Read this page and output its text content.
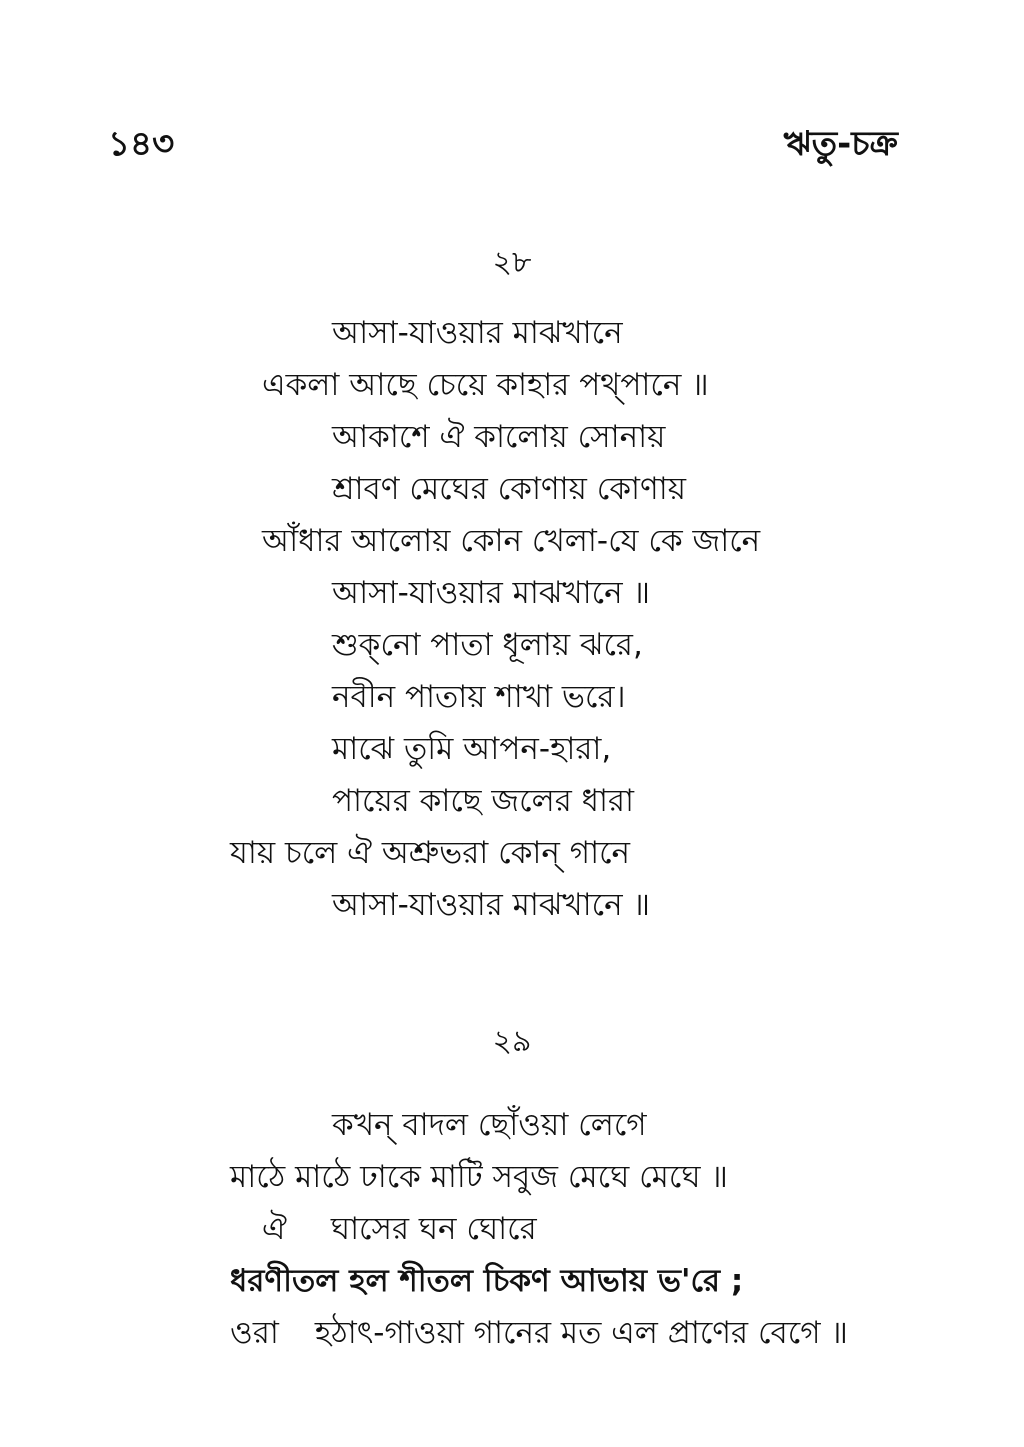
১৪৩	ঋতু-চক্র

২৮

আসা-যাওয়ার মাঝখানে

একলা আছে চেয়ে কাহার পথ্‌পানে ॥

আকাশে ঐ কালোয় সোনায়

শ্রাবণ মেঘের কোণায় কোণায়

আঁধার আলোয় কোন খেলা-যে কে জানে

আসা-যাওয়ার মাঝখানে ॥

শুক্‌নো পাতা ধূলায় ঝরে,

নবীন পাতায় শাখা ভরে।

মাঝে তুমি আপন-হারা,

পায়ের কাছে জলের ধারা

যায় চলে ঐ অশ্রুভরা কোন্‌ গানে

আসা-যাওয়ার মাঝখানে ॥

২৯

কখন্‌ বাদল ছোঁওয়া লেগে

মাঠে মাঠে ঢাকে মাটি সবুজ মেঘে মেঘে ॥

ঐ ঘাসের ঘন ঘোরে

ধরণীতল হল শীতল চিকণ আভায় ভ'রে ;

ওরা হঠাৎ-গাওয়া গানের মত এল প্রাণের বেগে ॥
